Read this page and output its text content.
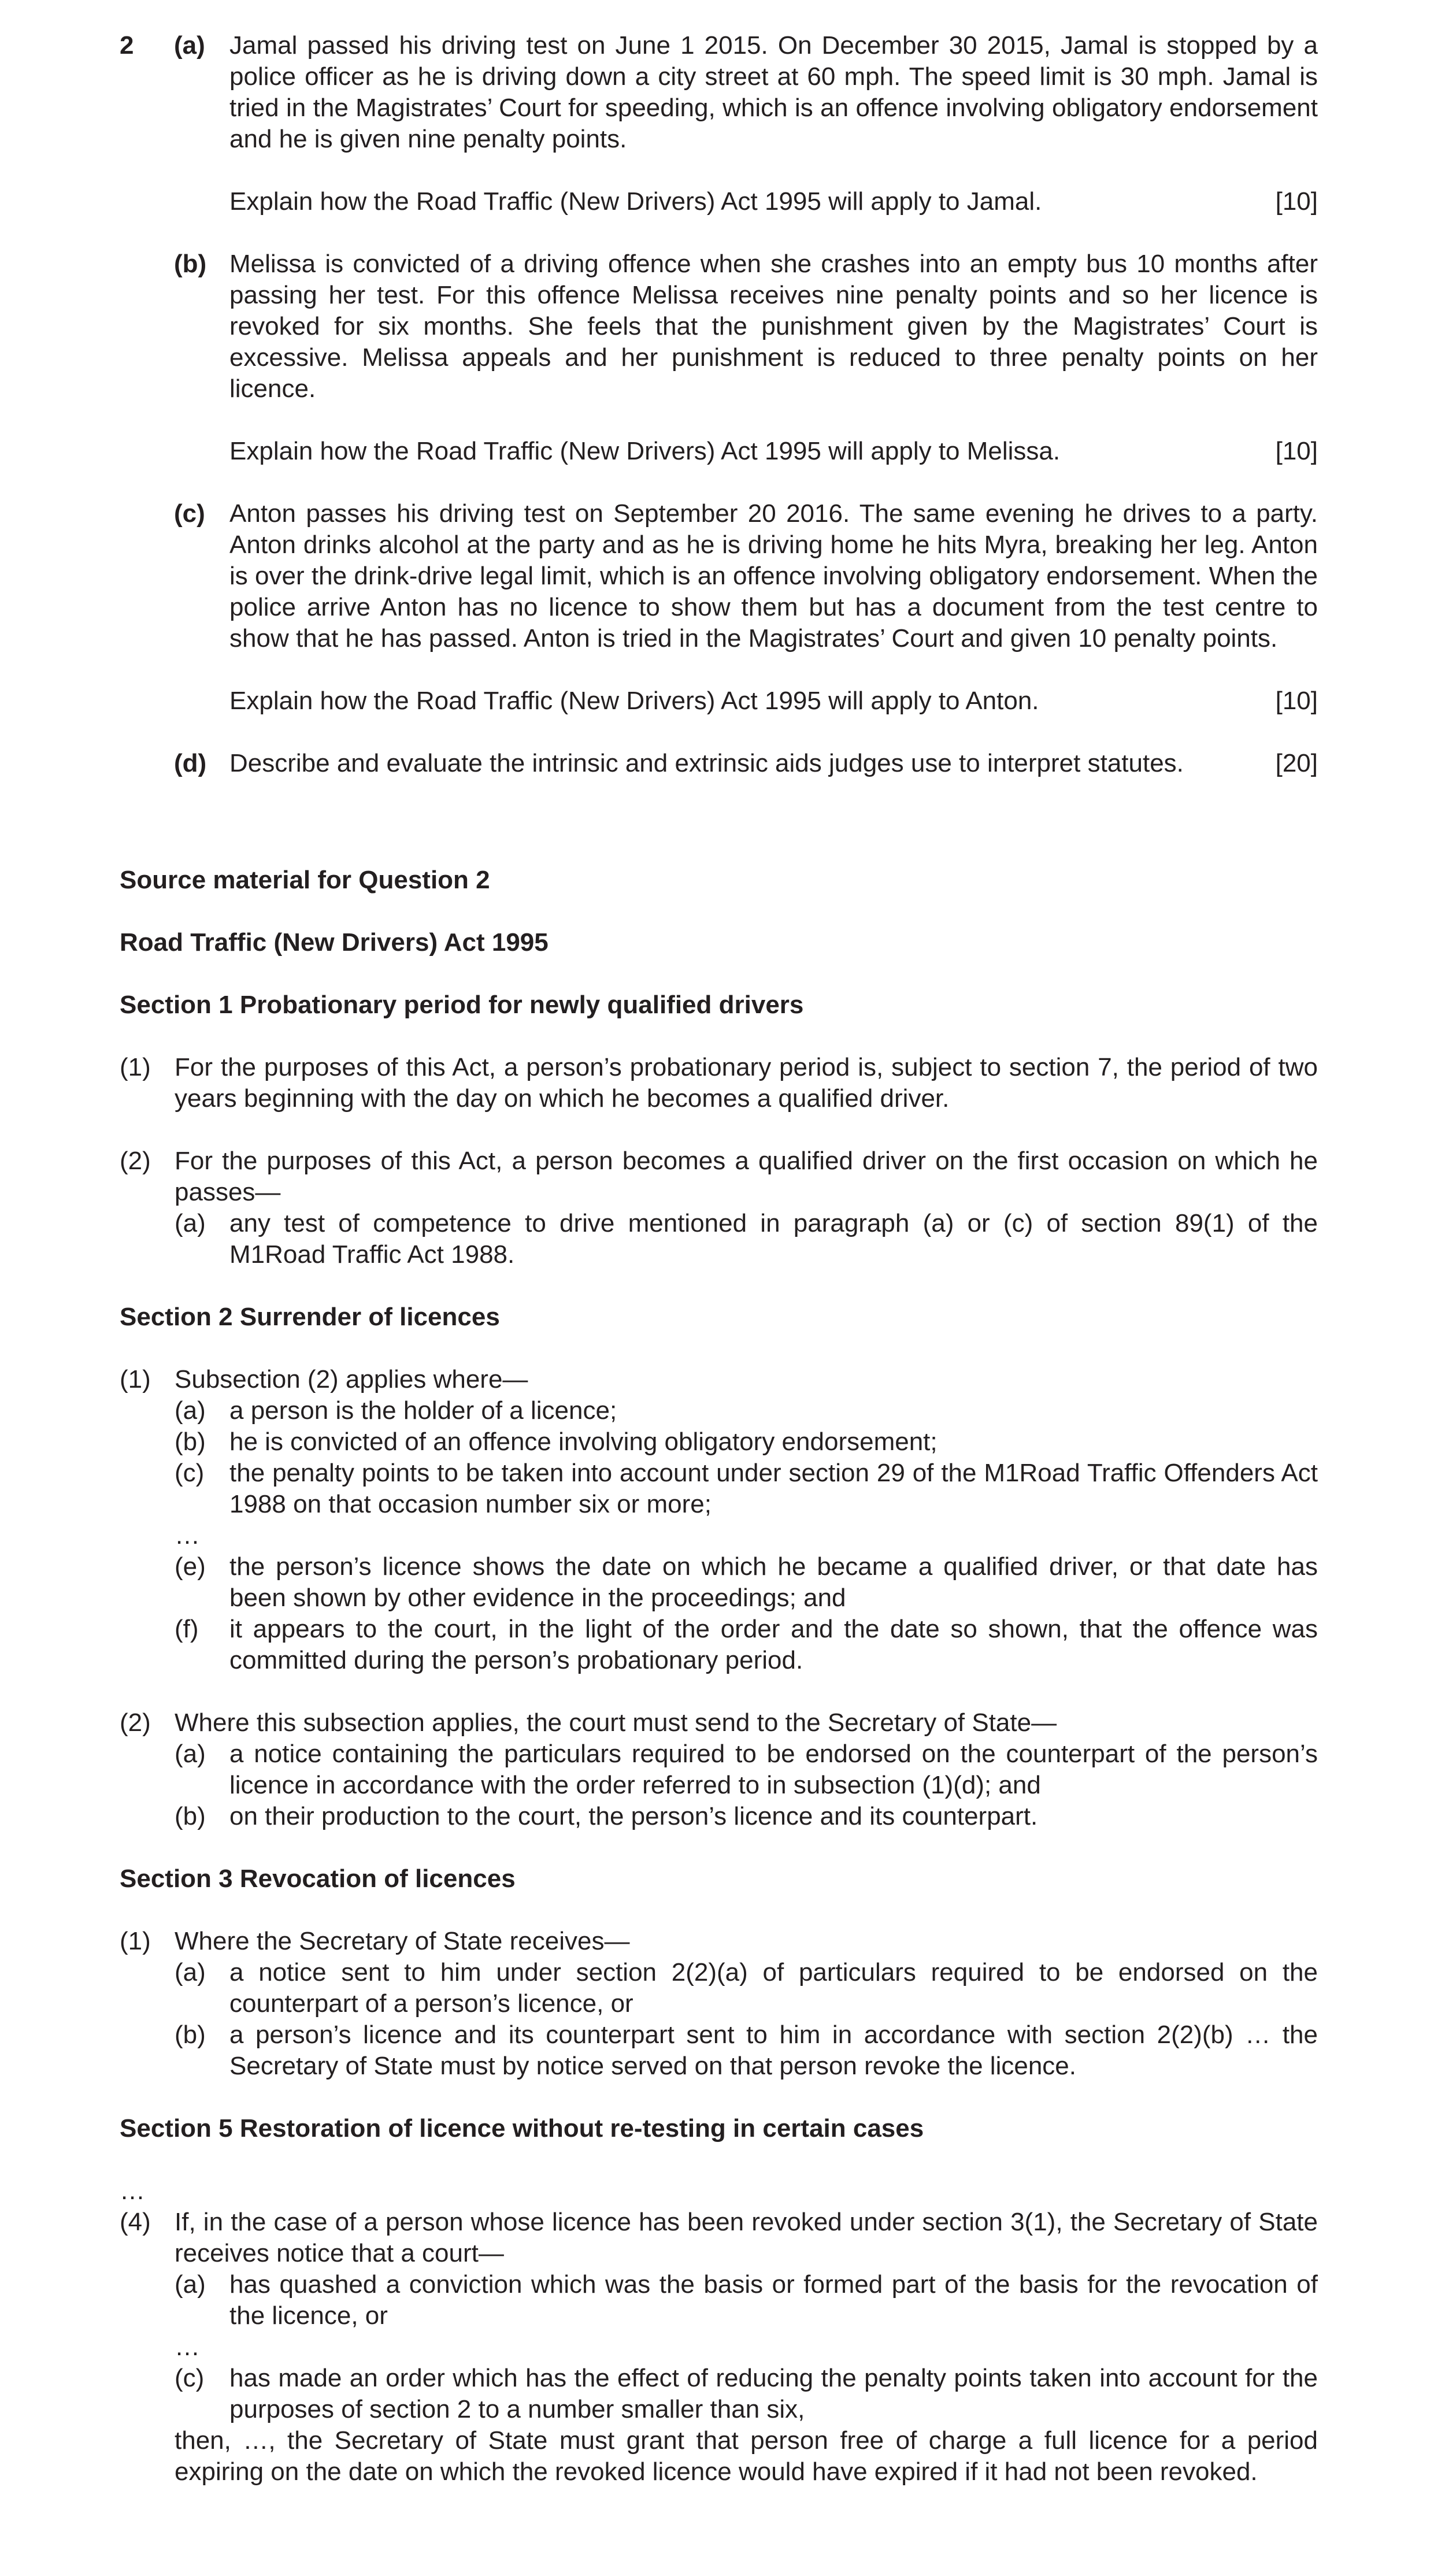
2 (a) Jamal passed his driving test on June 1 2015. On December 30 2015, Jamal is stopped by a police officer as he is driving down a city street at 60 mph. The speed limit is 30 mph. Jamal is tried in the Magistrates’ Court for speeding, which is an offence involving obligatory endorsement and he is given nine penalty points.

Explain how the Road Traffic (New Drivers) Act 1995 will apply to Jamal.	[10]
(b) Melissa is convicted of a driving offence when she crashes into an empty bus 10 months after passing her test. For this offence Melissa receives nine penalty points and so her licence is revoked for six months. She feels that the punishment given by the Magistrates’ Court is excessive. Melissa appeals and her punishment is reduced to three penalty points on her licence.

Explain how the Road Traffic (New Drivers) Act 1995 will apply to Melissa.	[10]
(c) Anton passes his driving test on September 20 2016. The same evening he drives to a party. Anton drinks alcohol at the party and as he is driving home he hits Myra, breaking her leg. Anton is over the drink-drive legal limit, which is an offence involving obligatory endorsement. When the police arrive Anton has no licence to show them but has a document from the test centre to show that he has passed. Anton is tried in the Magistrates’ Court and given 10 penalty points.

Explain how the Road Traffic (New Drivers) Act 1995 will apply to Anton.	[10]
(d) Describe and evaluate the intrinsic and extrinsic aids judges use to interpret statutes.	[20]

Source material for Question 2

Road Traffic (New Drivers) Act 1995

Section 1 Probationary period for newly qualified drivers

(1) For the purposes of this Act, a person’s probationary period is, subject to section 7, the period of two years beginning with the day on which he becomes a qualified driver.

(2) For the purposes of this Act, a person becomes a qualified driver on the first occasion on which he passes—

(a) any test of competence to drive mentioned in paragraph (a) or (c) of section 89(1) of the M1Road Traffic Act 1988.

Section 2 Surrender of licences

(1) Subsection (2) applies where—

(a) a person is the holder of a licence;

(b) he is convicted of an offence involving obligatory endorsement;

(c) the penalty points to be taken into account under section 29 of the M1Road Traffic Offenders Act 1988 on that occasion number six or more;

…

(e) the person’s licence shows the date on which he became a qualified driver, or that date has been shown by other evidence in the proceedings; and

(f) it appears to the court, in the light of the order and the date so shown, that the offence was committed during the person’s probationary period.

(2) Where this subsection applies, the court must send to the Secretary of State—

(a) a notice containing the particulars required to be endorsed on the counterpart of the person’s licence in accordance with the order referred to in subsection (1)(d); and

(b) on their production to the court, the person’s licence and its counterpart.

Section 3 Revocation of licences

(1) Where the Secretary of State receives—

(a) a notice sent to him under section 2(2)(a) of particulars required to be endorsed on the counterpart of a person’s licence, or

(b) a person’s licence and its counterpart sent to him in accordance with section 2(2)(b) … the Secretary of State must by notice served on that person revoke the licence.

Section 5 Restoration of licence without re-testing in certain cases

…

(4) If, in the case of a person whose licence has been revoked under section 3(1), the Secretary of State receives notice that a court—

(a) has quashed a conviction which was the basis or formed part of the basis for the revocation of the licence, or

…

(c) has made an order which has the effect of reducing the penalty points taken into account for the purposes of section 2 to a number smaller than six,

then, …, the Secretary of State must grant that person free of charge a full licence for a period expiring on the date on which the revoked licence would have expired if it had not been revoked.
